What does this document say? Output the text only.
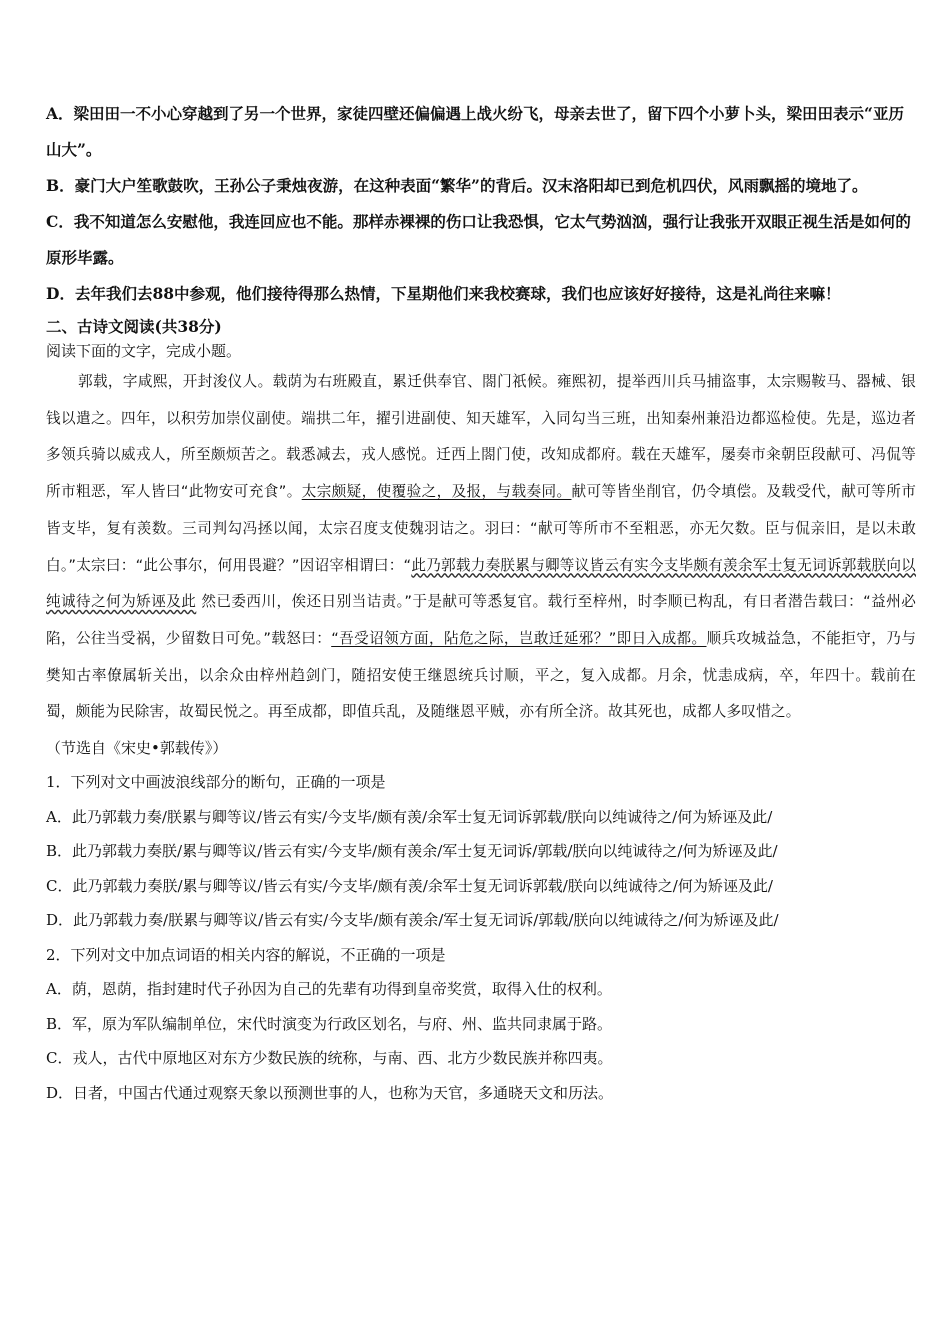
A．梁田田一不小心穿越到了另一个世界，家徒四壁还偏偏遇上战火纷飞，母亲去世了，留下四个小萝卜头，梁田田表示“亚历山大”。

B．豪门大户笙歌鼓吹，王孙公子秉烛夜游，在这种表面“繁华”的背后。汉末洛阳却已到危机四伏，风雨飘摇的境地了。

C．我不知道怎么安慰他，我连回应也不能。那样赤裸裸的伤口让我恐惧，它太气势汹汹，强行让我张开双眼正视生活是如何的原形毕露。

D．去年我们去88中参观，他们接待得那么热情，下星期他们来我校赛球，我们也应该好好接待，这是礼尚往来嘛！

二、古诗文阅读(共38分)

阅读下面的文字，完成小题。

郭载，字咸熙，开封浚仪人。载荫为右班殿直，累迁供奉官、閤门祇候。雍熙初，提举西川兵马捕盗事，太宗赐鞍马、器械、银钱以遣之。四年，以积劳加崇仪副使。端拱二年，擢引进副使、知天雄军，入同勾当三班，出知秦州兼沿边都巡检使。先是，巡边者多领兵骑以威戎人，所至颇烦苦之。载悉减去，戎人感悦。迁西上閤门使，改知成都府。载在天雄军，屡奏市籴朝臣段献可、冯侃等所市粗恶，军人皆曰“此物安可充食”。太宗颇疑，使覆验之，及报，与载奏同。献可等皆坐削官，仍令填偿。及载受代，献可等所市皆支毕，复有羡数。三司判勾冯拯以闻，太宗召度支使魏羽诘之。羽曰：“献可等所市不至粗恶，亦无欠数。臣与侃亲旧，是以未敢白。”太宗曰：“此公事尔，何用畏避？”因诏宰相谓曰：“此乃郭载力奏朕累与卿等议皆云有实今支毕颇有羡余军士复无词诉郭载朕向以纯诚待之何为矫诬及此 然已委西川，俟还日别当诘责。”于是献可等悉复官。载行至梓州，时李顺已构乱，有日者潜告载曰：“益州必陷，公往当受祸，少留数日可免。”载怒曰：“吾受诏领方面，阽危之际，岂敢迁延邪？”即日入成都。顺兵攻城益急，不能拒守，乃与樊知古率僚属斩关出，以余众由梓州趋剑门，随招安使王继恩统兵讨顺，平之，复入成都。月余，忧恚成病，卒，年四十。载前在蜀，颇能为民除害，故蜀民悦之。再至成都，即值兵乱，及随继恩平贼，亦有所全济。故其死也，成都人多叹惜之。

（节选自《宋史•郭载传》）

1．下列对文中画波浪线部分的断句，正确的一项是

A．此乃郭载力奏/朕累与卿等议/皆云有实/今支毕/颇有羡/余军士复无词诉郭载/朕向以纯诚待之/何为矫诬及此/

B．此乃郭载力奏朕/累与卿等议/皆云有实/今支毕/颇有羡余/军士复无词诉/郭载/朕向以纯诚待之/何为矫诬及此/

C．此乃郭载力奏朕/累与卿等议/皆云有实/今支毕/颇有羡/余军士复无词诉郭载/朕向以纯诚待之/何为矫诬及此/

D．此乃郭载力奏/朕累与卿等议/皆云有实/今支毕/颇有羡余/军士复无词诉/郭载/朕向以纯诚待之/何为矫诬及此/

2．下列对文中加点词语的相关内容的解说，不正确的一项是

A．荫，恩荫，指封建时代子孙因为自己的先辈有功得到皇帝奖赏，取得入仕的权利。

B．军，原为军队编制单位，宋代时演变为行政区划名，与府、州、监共同隶属于路。

C．戎人，古代中原地区对东方少数民族的统称，与南、西、北方少数民族并称四夷。

D．日者，中国古代通过观察天象以预测世事的人，也称为天官，多通晓天文和历法。
